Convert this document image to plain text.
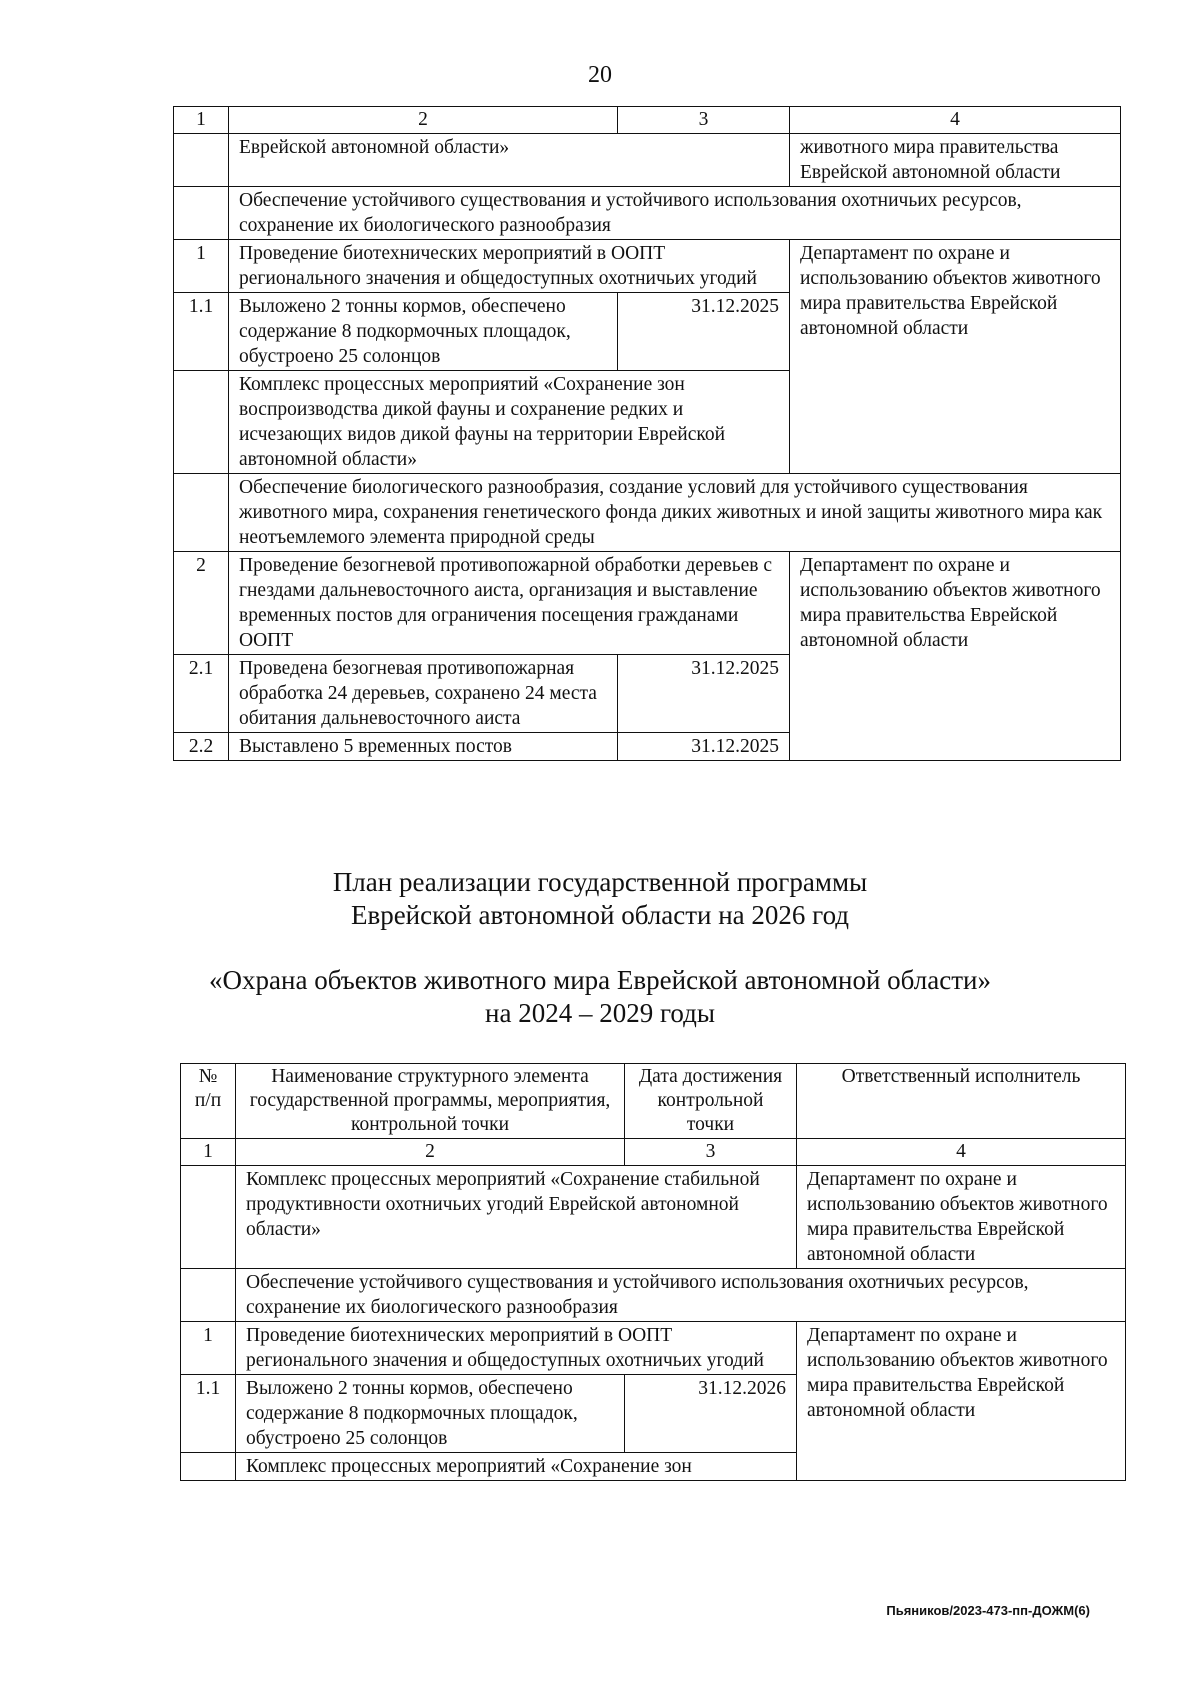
20
1	2	3	4
	Еврейской автономной области»		животного мира правительства Еврейской автономной области
	Обеспечение устойчивого существования и устойчивого использования охотничьих ресурсов, сохранение их биологического разнообразия		
1	Проведение биотехнических мероприятий в ООПТ регионального значения и общедоступных охотничьих угодий		Департамент по охране и использованию объектов животного мира правительства Еврейской автономной области
1.1	Выложено 2 тонны кормов, обеспечено содержание 8 подкормочных площадок, обустроено 25 солонцов	31.12.2025	
	Комплекс процессных мероприятий «Сохранение зон воспроизводства дикой фауны и сохранение редких и исчезающих видов дикой фауны на территории Еврейской автономной области»		
	Обеспечение биологического разнообразия, создание условий для устойчивого существования животного мира, сохранения генетического фонда диких животных и иной защиты животного мира как неотъемлемого элемента природной среды		
2	Проведение безогневой противопожарной обработки деревьев с гнездами дальневосточного аиста, организация и выставление временных постов для ограничения посещения гражданами ООПТ		Департамент по охране и использованию объектов животного мира правительства Еврейской автономной области
2.1	Проведена безогневая противопожарная обработка 24 деревьев, сохранено 24 места обитания дальневосточного аиста	31.12.2025	
2.2	Выставлено 5 временных постов	31.12.2025	
План реализации государственной программы
Еврейской автономной области на 2026 год
«Охрана объектов животного мира Еврейской автономной области»
на 2024 – 2029 годы
№ п/п	Наименование структурного элемента государственной программы, мероприятия, контрольной точки	Дата достижения контрольной точки	Ответственный исполнитель
1	2	3	4
	Комплекс процессных мероприятий «Сохранение стабильной продуктивности охотничьих угодий Еврейской автономной области»		Департамент по охране и использованию объектов животного мира правительства Еврейской автономной области
	Обеспечение устойчивого существования и устойчивого использования охотничьих ресурсов, сохранение их биологического разнообразия		
1	Проведение биотехнических мероприятий в ООПТ регионального значения и общедоступных охотничьих угодий		Департамент по охране и использованию объектов животного мира правительства Еврейской автономной области
1.1	Выложено 2 тонны кормов, обеспечено содержание 8 подкормочных площадок, обустроено 25 солонцов	31.12.2026	
	Комплекс процессных мероприятий «Сохранение зон		
Пьяников/2023-473-пп-ДОЖМ(6)
